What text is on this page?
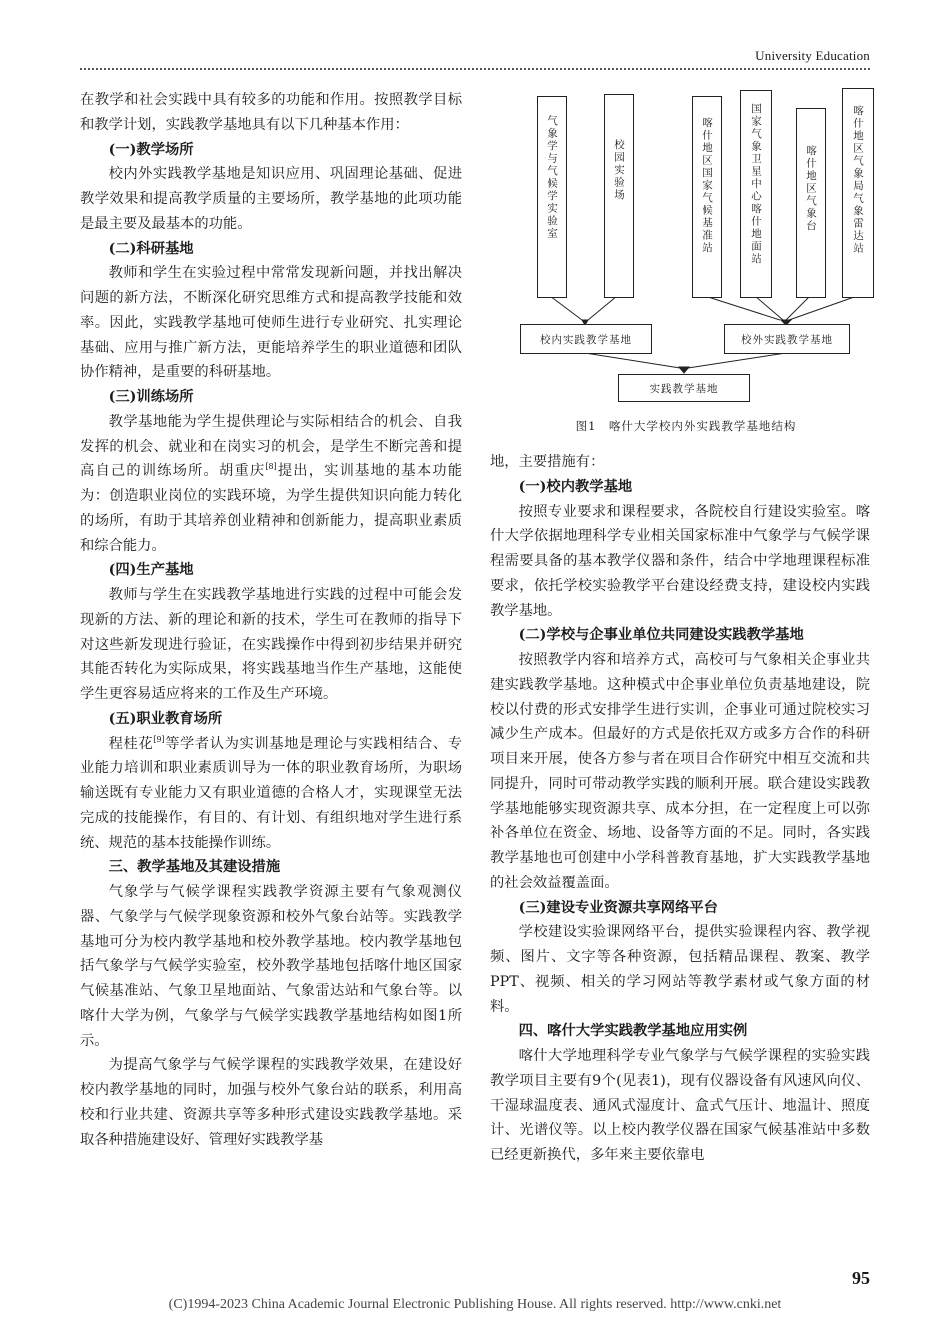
University Education

在教学和社会实践中具有较多的功能和作用。按照教学目标和教学计划，实践教学基地具有以下几种基本作用：

(一)教学场所

校内外实践教学基地是知识应用、巩固理论基础、促进教学效果和提高教学质量的主要场所，教学基地的此项功能是最主要及最基本的功能。

(二)科研基地

教师和学生在实验过程中常常发现新问题，并找出解决问题的新方法，不断深化研究思维方式和提高教学技能和效率。因此，实践教学基地可使师生进行专业研究、扎实理论基础、应用与推广新方法，更能培养学生的职业道德和团队协作精神，是重要的科研基地。

(三)训练场所

教学基地能为学生提供理论与实际相结合的机会、自我发挥的机会、就业和在岗实习的机会，是学生不断完善和提高自己的训练场所。胡重庆[8]提出，实训基地的基本功能为：创造职业岗位的实践环境，为学生提供知识向能力转化的场所，有助于其培养创业精神和创新能力，提高职业素质和综合能力。

(四)生产基地

教师与学生在实践教学基地进行实践的过程中可能会发现新的方法、新的理论和新的技术，学生可在教师的指导下对这些新发现进行验证，在实践操作中得到初步结果并研究其能否转化为实际成果，将实践基地当作生产基地，这能使学生更容易适应将来的工作及生产环境。

(五)职业教育场所

程桂花[9]等学者认为实训基地是理论与实践相结合、专业能力培训和职业素质训导为一体的职业教育场所，为职场输送既有专业能力又有职业道德的合格人才，实现课堂无法完成的技能操作，有目的、有计划、有组织地对学生进行系统、规范的基本技能操作训练。

三、教学基地及其建设措施

气象学与气候学课程实践教学资源主要有气象观测仪器、气象学与气候学现象资源和校外气象台站等。实践教学基地可分为校内教学基地和校外教学基地。校内教学基地包括气象学与气候学实验室，校外教学基地包括喀什地区国家气候基准站、气象卫星地面站、气象雷达站和气象台等。以喀什大学为例，气象学与气候学实践教学基地结构如图1所示。

为提高气象学与气候学课程的实践教学效果，在建设好校内教学基地的同时，加强与校外气象台站的联系，利用高校和行业共建、资源共享等多种形式建设实践教学基地。采取各种措施建设好、管理好实践教学基

气象学与气候学实验室	校园实验场	喀什地区国家气候基准站	国家气象卫星中心喀什地面站	喀什地区气象台	喀什地区气象局气象雷达站
校内实践教学基地	校外实践教学基地
实践教学基地
图1　喀什大学校内外实践教学基地结构

地，主要措施有：

(一)校内教学基地

按照专业要求和课程要求，各院校自行建设实验室。喀什大学依据地理科学专业相关国家标准中气象学与气候学课程需要具备的基本教学仪器和条件，结合中学地理课程标准要求，依托学校实验教学平台建设经费支持，建设校内实践教学基地。

(二)学校与企事业单位共同建设实践教学基地

按照教学内容和培养方式，高校可与气象相关企事业共建实践教学基地。这种模式中企事业单位负责基地建设，院校以付费的形式安排学生进行实训，企事业可通过院校实习减少生产成本。但最好的方式是依托双方或多方合作的科研项目来开展，使各方参与者在项目合作研究中相互交流和共同提升，同时可带动教学实践的顺利开展。联合建设实践教学基地能够实现资源共享、成本分担，在一定程度上可以弥补各单位在资金、场地、设备等方面的不足。同时，各实践教学基地也可创建中小学科普教育基地，扩大实践教学基地的社会效益覆盖面。

(三)建设专业资源共享网络平台

学校建设实验课网络平台，提供实验课程内容、教学视频、图片、文字等各种资源，包括精品课程、教案、教学PPT、视频、相关的学习网站等教学素材或气象方面的材料。

四、喀什大学实践教学基地应用实例

喀什大学地理科学专业气象学与气候学课程的实验实践教学项目主要有9个(见表1)，现有仪器设备有风速风向仪、干湿球温度表、通风式湿度计、盒式气压计、地温计、照度计、光谱仪等。以上校内教学仪器在国家气候基准站中多数已经更新换代，多年来主要依靠电

95
(C)1994-2023 China Academic Journal Electronic Publishing House. All rights reserved. http://www.cnki.net
